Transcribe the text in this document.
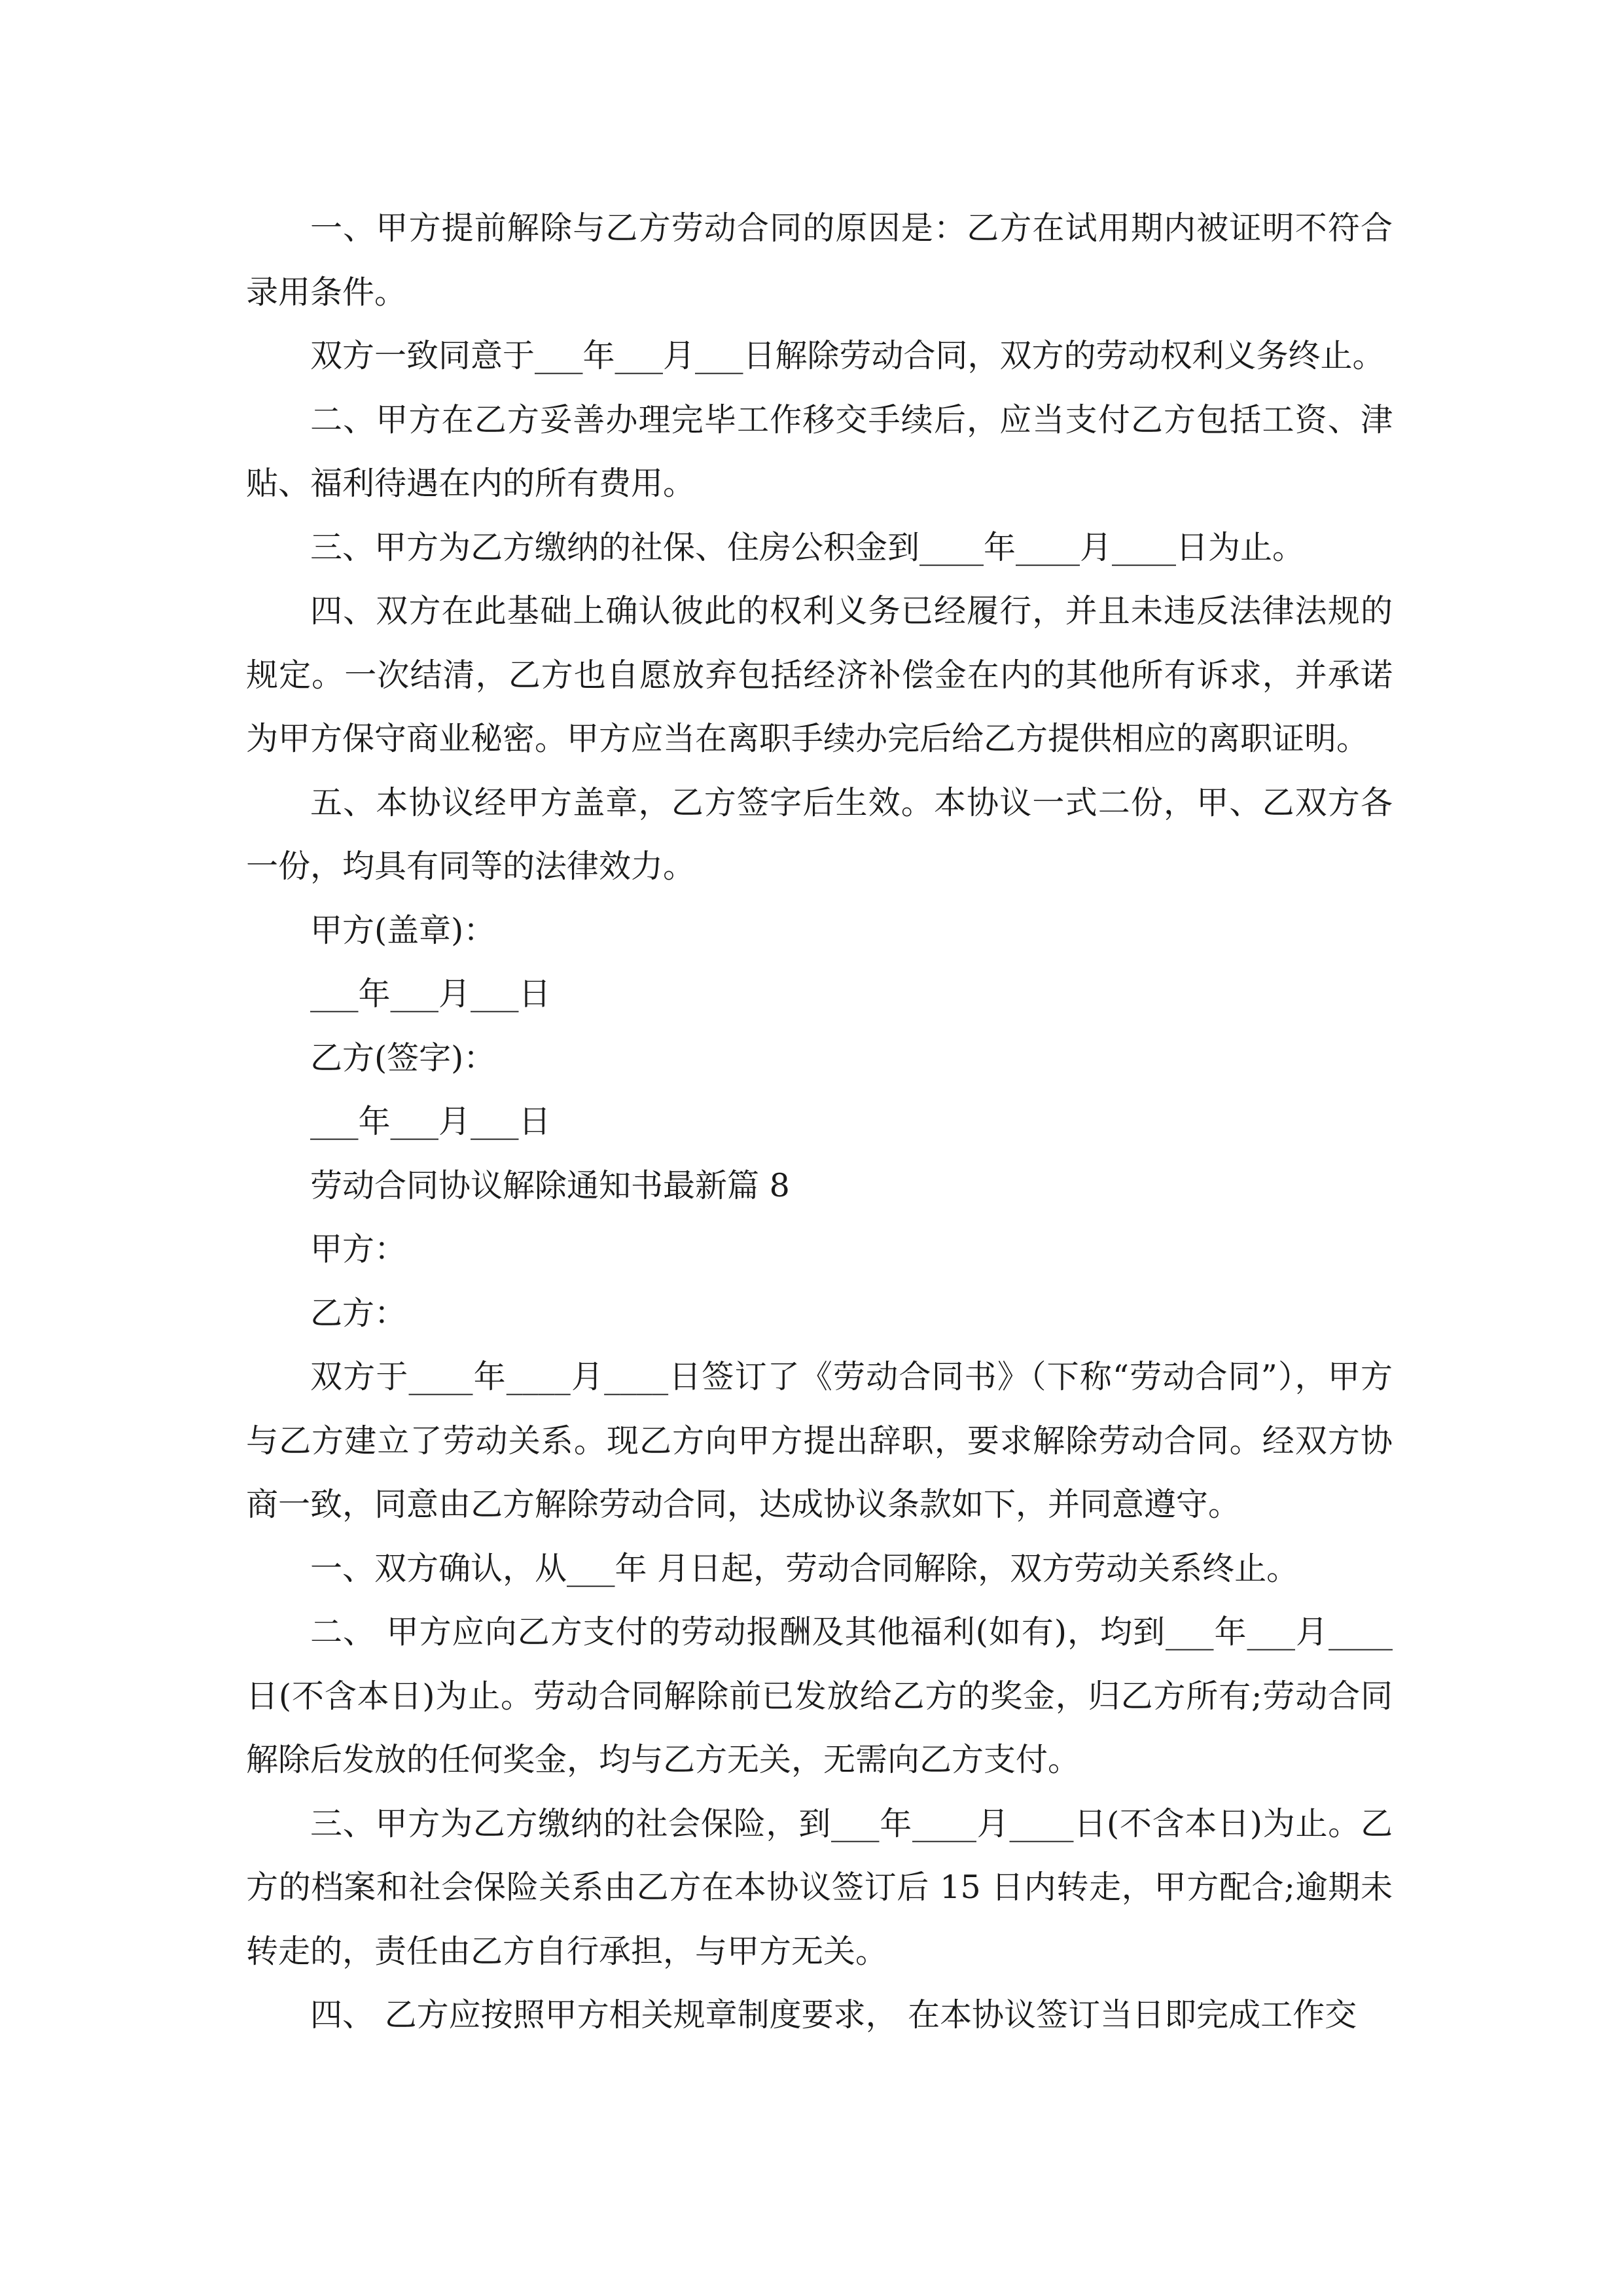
一、甲方提前解除与乙方劳动合同的原因是：乙方在试用期内被证明不符合录用条件。

双方一致同意于___年___月___日解除劳动合同，双方的劳动权利义务终止。

二、甲方在乙方妥善办理完毕工作移交手续后，应当支付乙方包括工资、津贴、福利待遇在内的所有费用。

三、甲方为乙方缴纳的社保、住房公积金到____年____月____日为止。

四、双方在此基础上确认彼此的权利义务已经履行，并且未违反法律法规的规定。一次结清，乙方也自愿放弃包括经济补偿金在内的其他所有诉求，并承诺为甲方保守商业秘密。甲方应当在离职手续办完后给乙方提供相应的离职证明。

五、本协议经甲方盖章，乙方签字后生效。本协议一式二份，甲、乙双方各一份，均具有同等的法律效力。

甲方(盖章)：

___年___月___日

乙方(签字)：

___年___月___日

劳动合同协议解除通知书最新篇 8

甲方：

乙方：

双方于____年____月____日签订了《劳动合同书》（下称“劳动合同”），甲方与乙方建立了劳动关系。现乙方向甲方提出辞职，要求解除劳动合同。经双方协商一致，同意由乙方解除劳动合同，达成协议条款如下，并同意遵守。

一、双方确认，从___年 月日起，劳动合同解除，双方劳动关系终止。

二、 甲方应向乙方支付的劳动报酬及其他福利(如有)，均到___年___月____日(不含本日)为止。劳动合同解除前已发放给乙方的奖金，归乙方所有;劳动合同解除后发放的任何奖金，均与乙方无关，无需向乙方支付。

三、甲方为乙方缴纳的社会保险，到___年____月____日(不含本日)为止。乙方的档案和社会保险关系由乙方在本协议签订后 15 日内转走，甲方配合;逾期未转走的，责任由乙方自行承担，与甲方无关。

四、 乙方应按照甲方相关规章制度要求， 在本协议签订当日即完成工作交
